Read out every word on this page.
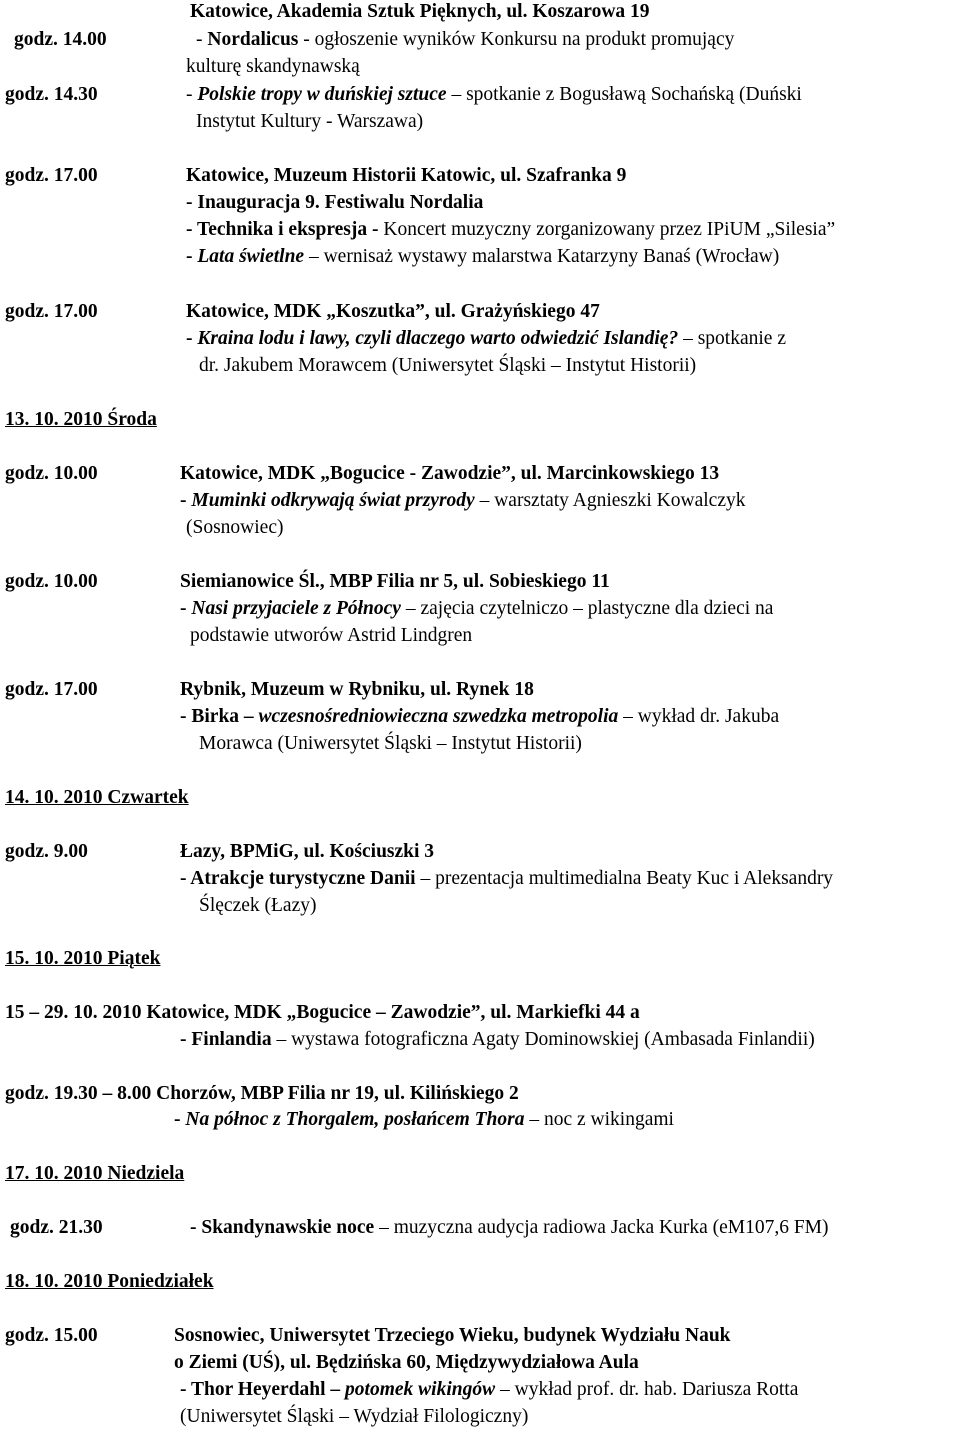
Katowice, Akademia Sztuk Pięknych, ul. Koszarowa 19
godz. 14.00	- Nordalicus - ogłoszenie wyników Konkursu na produkt promujący
kulturę skandynawską
godz. 14.30	- Polskie tropy w duńskiej sztuce – spotkanie z Bogusławą Sochańską (Duński
Instytut Kultury - Warszawa)
godz. 17.00	Katowice, Muzeum Historii Katowic, ul. Szafranka 9
- Inauguracja 9. Festiwalu Nordalia
- Technika i ekspresja - Koncert muzyczny zorganizowany przez IPiUM „Silesia”
- Lata świetlne – wernisaż wystawy malarstwa Katarzyny Banaś (Wrocław)
godz. 17.00	Katowice, MDK „Koszutka”, ul. Grażyńskiego 47
- Kraina lodu i lawy, czyli dlaczego warto odwiedzić Islandię? – spotkanie z
dr. Jakubem Morawcem (Uniwersytet Śląski – Instytut Historii)
13. 10. 2010 Środa
godz. 10.00	Katowice, MDK „Bogucice - Zawodzie”, ul. Marcinkowskiego 13
- Muminki odkrywają świat przyrody – warsztaty Agnieszki Kowalczyk
(Sosnowiec)
godz. 10.00	Siemianowice Śl., MBP Filia nr 5, ul. Sobieskiego 11
- Nasi przyjaciele z Północy – zajęcia czytelniczo – plastyczne dla dzieci na
podstawie utworów Astrid Lindgren
godz. 17.00	Rybnik, Muzeum w Rybniku, ul. Rynek 18
- Birka – wczesnośredniowieczna szwedzka metropolia – wykład dr. Jakuba
Morawca (Uniwersytet Śląski – Instytut Historii)
14. 10. 2010 Czwartek
godz. 9.00	Łazy, BPMiG, ul. Kościuszki 3
- Atrakcje turystyczne Danii – prezentacja multimedialna Beaty Kuc i Aleksandry
Ślęczek (Łazy)
15. 10. 2010 Piątek
15 – 29. 10. 2010 Katowice, MDK „Bogucice – Zawodzie”, ul. Markiefki 44 a
- Finlandia – wystawa fotograficzna Agaty Dominowskiej (Ambasada Finlandii)
godz. 19.30 – 8.00 Chorzów, MBP Filia nr 19, ul. Kilińskiego 2
- Na północ z Thorgalem, posłańcem Thora – noc z wikingami
17. 10. 2010 Niedziela
godz. 21.30	- Skandynawskie noce – muzyczna audycja radiowa Jacka Kurka (eM107,6 FM)
18. 10. 2010 Poniedziałek
godz. 15.00	Sosnowiec, Uniwersytet Trzeciego Wieku, budynek Wydziału Nauk
o Ziemi (UŚ), ul. Będzińska 60, Międzywydziałowa Aula
- Thor Heyerdahl – potomek wikingów – wykład prof. dr. hab. Dariusza Rotta
(Uniwersytet Śląski – Wydział Filologiczny)
